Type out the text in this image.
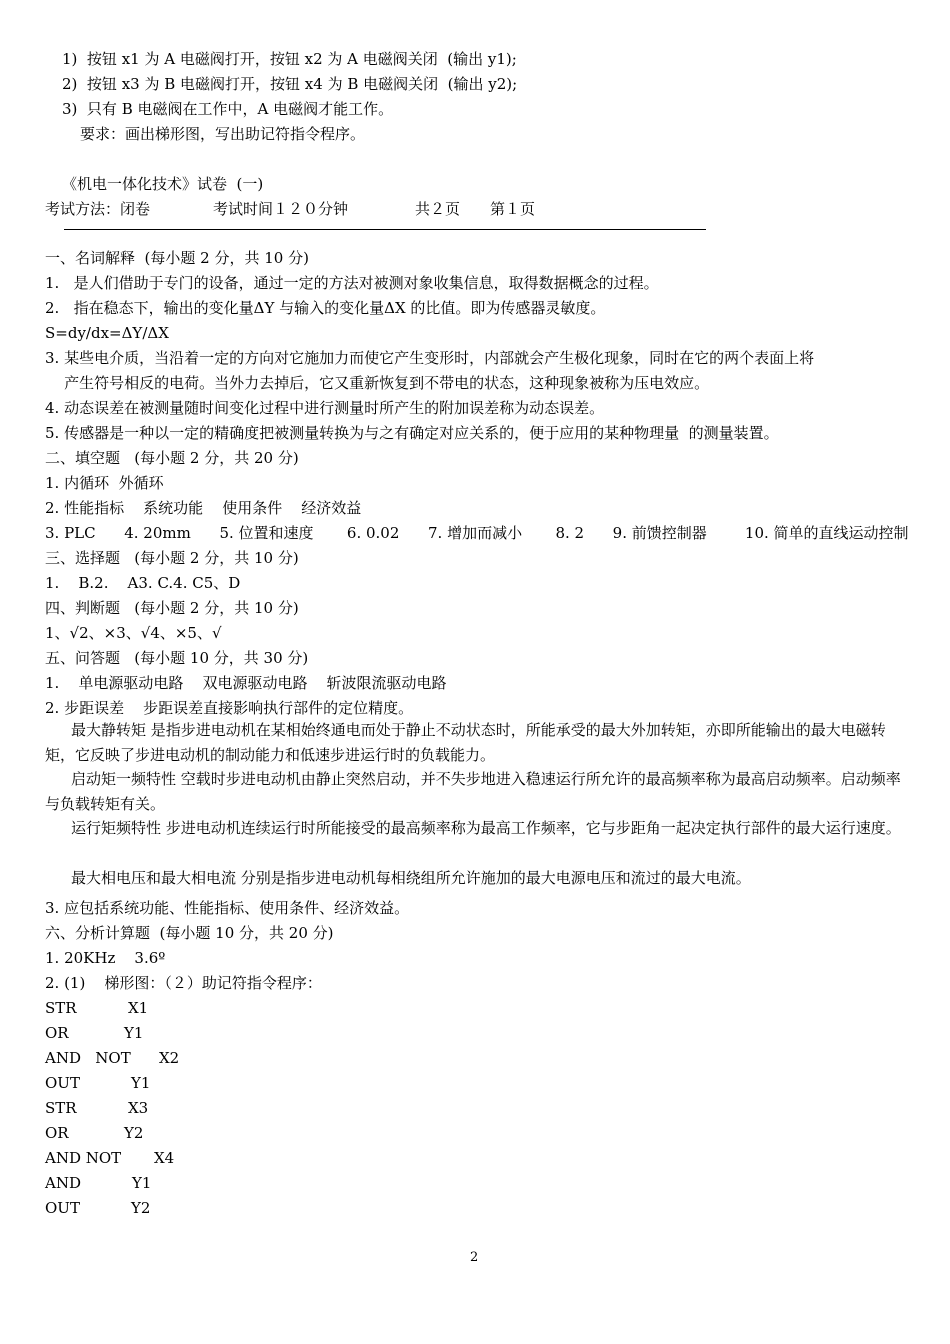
1)  按钮 x1 为 A 电磁阀打开，按钮 x2 为 A 电磁阀关闭  (输出 y1);
2)  按钮 x3 为 B 电磁阀打开，按钮 x4 为 B 电磁阀关闭  (输出 y2);
3)  只有 B 电磁阀在工作中，A 电磁阀才能工作。
要求：画出梯形图，写出助记符指令程序。
《机电一体化技术》试卷  (一)
考试方法：闭卷	考试时间１２０分钟	共２页 第１页
一、名词解释  (每小题 2 分，共 10 分)
1.   是人们借助于专门的设备，通过一定的方法对被测对象收集信息，取得数据概念的过程。
2.   指在稳态下，输出的变化量ΔY 与输入的变化量ΔX 的比值。即为传感器灵敏度。
S=dy/dx=ΔY/ΔX
3. 某些电介质，当沿着一定的方向对它施加力而使它产生变形时，内部就会产生极化现象，同时在它的两个表面上将
产生符号相反的电荷。当外力去掉后，它又重新恢复到不带电的状态，这种现象被称为压电效应。
4. 动态误差在被测量随时间变化过程中进行测量时所产生的附加误差称为动态误差。
5. 传感器是一种以一定的精确度把被测量转换为与之有确定对应关系的，便于应用的某种物理量  的测量装置。
二、填空题   (每小题 2 分，共 20 分)
1. 内循环  外循环
2. 性能指标    系统功能    使用条件    经济效益
3. PLC      4. 20mm      5. 位置和速度       6. 0.02      7. 增加而减小       8. 2      9. 前馈控制器        10. 简单的直线运动控制
三、选择题   (每小题 2 分，共 10 分)
1.    B.2.    A3. C.4. C5、D
四、判断题   (每小题 2 分，共 10 分)
1、√2、×3、√4、×5、√
五、问答题   (每小题 10 分，共 30 分)
1.    单电源驱动电路    双电源驱动电路    斩波限流驱动电路
2. 步距误差    步距误差直接影响执行部件的定位精度。
最大静转矩 是指步进电动机在某相始终通电而处于静止不动状态时，所能承受的最大外加转矩，亦即所能输出的最大电磁转矩，它反映了步进电动机的制动能力和低速步进运行时的负载能力。
启动矩一频特性 空载时步进电动机由静止突然启动，并不失步地进入稳速运行所允许的最高频率称为最高启动频率。启动频率与负载转矩有关。
运行矩频特性 步进电动机连续运行时所能接受的最高频率称为最高工作频率，它与步距角一起决定执行部件的最大运行速度。
最大相电压和最大相电流 分别是指步进电动机每相绕组所允许施加的最大电源电压和流过的最大电流。
3. 应包括系统功能、性能指标、使用条件、经济效益。
六、分析计算题  (每小题 10 分，共 20 分)
1. 20KHz    3.6º
2. (1)    梯形图：（２）助记符指令程序：
STR	X1
OR	Y1
AND   NOT X2
OUT	Y1
STR	X3
OR	Y2
AND NOT X4
AND	Y1
OUT	Y2
2
